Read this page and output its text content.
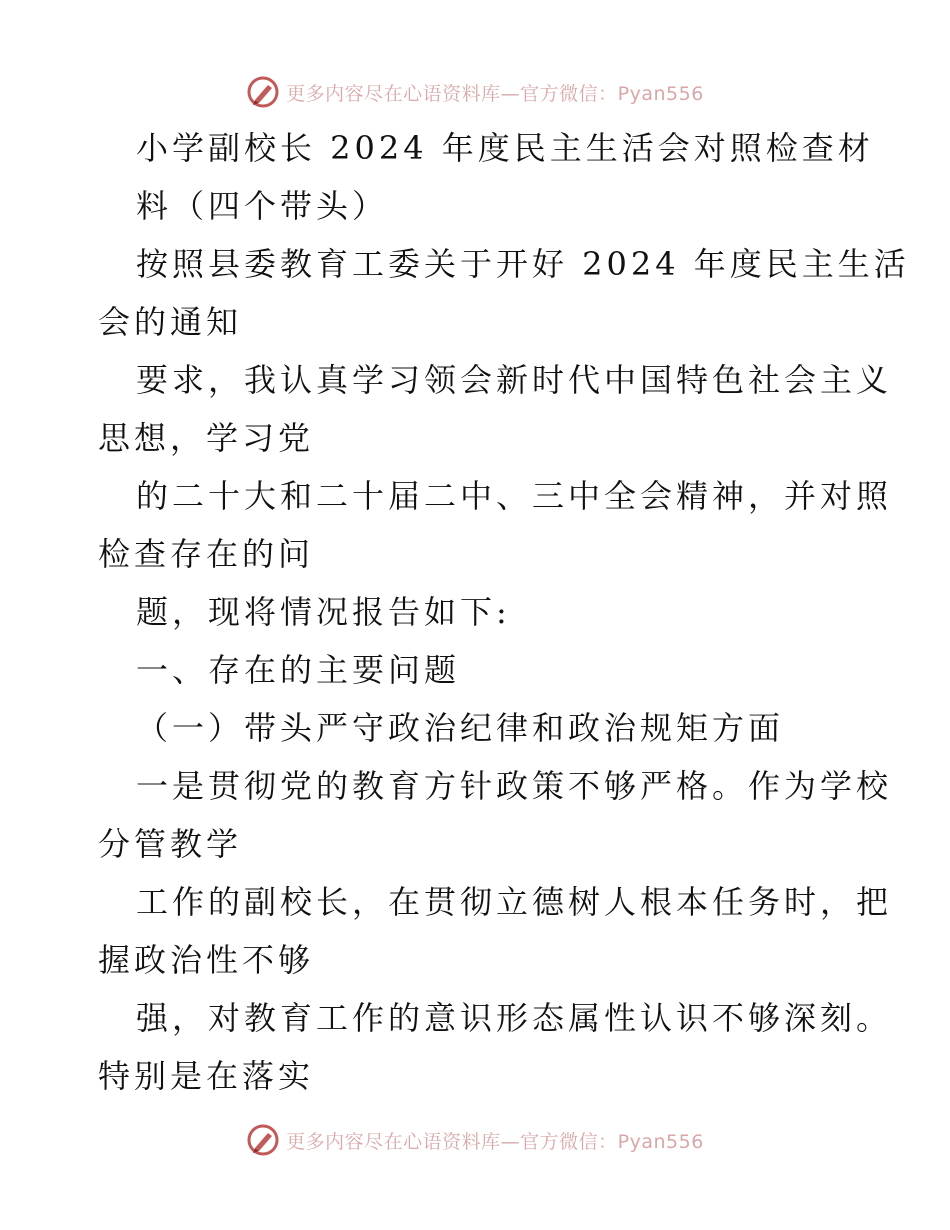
更多内容尽在心语资料库—官方微信：Pyan556
小学副校长 2024 年度民主生活会对照检查材
料（四个带头）
按照县委教育工委关于开好 2024 年度民主生活
会的通知
要求，我认真学习领会新时代中国特色社会主义
思想，学习党
的二十大和二十届二中、三中全会精神，并对照
检查存在的问
题，现将情况报告如下:
一、存在的主要问题
（一）带头严守政治纪律和政治规矩方面
一是贯彻党的教育方针政策不够严格。作为学校
分管教学
工作的副校长，在贯彻立德树人根本任务时，把
握政治性不够
强，对教育工作的意识形态属性认识不够深刻。
特别是在落实
更多内容尽在心语资料库—官方微信：Pyan556
